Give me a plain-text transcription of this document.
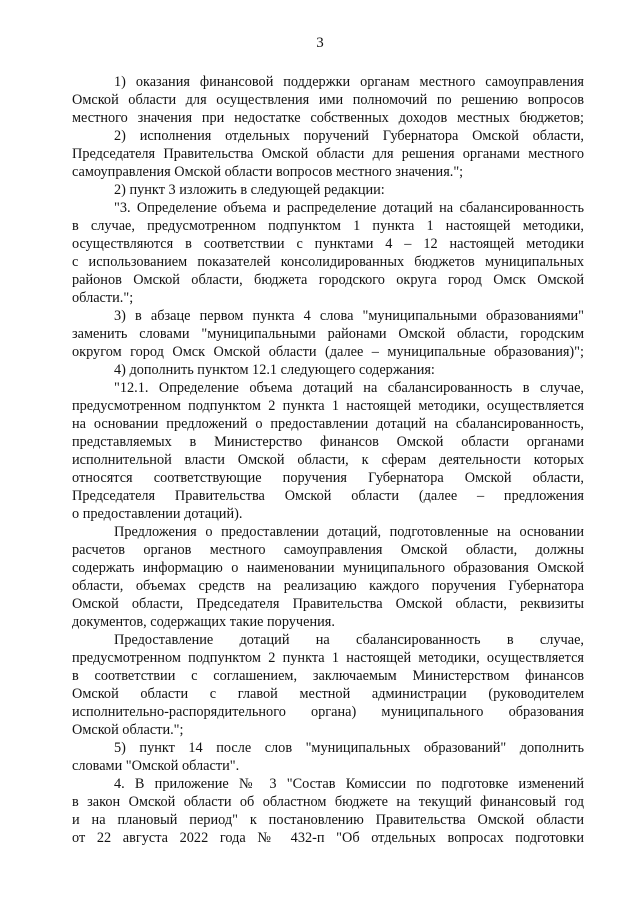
3
1) оказания финансовой поддержки органам местного самоуправления
Омской области для осуществления ими полномочий по решению вопросов
местного значения при недостатке собственных доходов местных бюджетов;
2) исполнения отдельных поручений Губернатора Омской области,
Председателя Правительства Омской области для решения органами местного
самоуправления Омской области вопросов местного значения.";
2) пункт 3 изложить в следующей редакции:
"3. Определение объема и распределение дотаций на сбалансированность
в случае, предусмотренном подпунктом 1 пункта 1 настоящей методики,
осуществляются в соответствии с пунктами 4 – 12 настоящей методики
с использованием показателей консолидированных бюджетов муниципальных
районов Омской области, бюджета городского округа город Омск Омской
области.";
3) в абзаце первом пункта 4 слова "муниципальными образованиями"
заменить словами "муниципальными районами Омской области, городским
округом город Омск Омской области (далее – муниципальные образования)";
4) дополнить пунктом 12.1 следующего содержания:
"12.1. Определение объема дотаций на сбалансированность в случае,
предусмотренном подпунктом 2 пункта 1 настоящей методики, осуществляется
на основании предложений о предоставлении дотаций на сбалансированность,
представляемых в Министерство финансов Омской области органами
исполнительной власти Омской области, к сферам деятельности которых
относятся соответствующие поручения Губернатора Омской области,
Председателя Правительства Омской области (далее – предложения
о предоставлении дотаций).
Предложения о предоставлении дотаций, подготовленные на основании
расчетов органов местного самоуправления Омской области, должны
содержать информацию о наименовании муниципального образования Омской
области, объемах средств на реализацию каждого поручения Губернатора
Омской области, Председателя Правительства Омской области, реквизиты
документов, содержащих такие поручения.
Предоставление дотаций на сбалансированность в случае,
предусмотренном подпунктом 2 пункта 1 настоящей методики, осуществляется
в соответствии с соглашением, заключаемым Министерством финансов
Омской области с главой местной администрации (руководителем
исполнительно-распорядительного органа) муниципального образования
Омской области.";
5) пункт 14 после слов "муниципальных образований" дополнить
словами "Омской области".
4. В приложение № 3 "Состав Комиссии по подготовке изменений
в закон Омской области об областном бюджете на текущий финансовый год
и на плановый период" к постановлению Правительства Омской области
от 22 августа 2022 года № 432-п "Об отдельных вопросах подготовки
